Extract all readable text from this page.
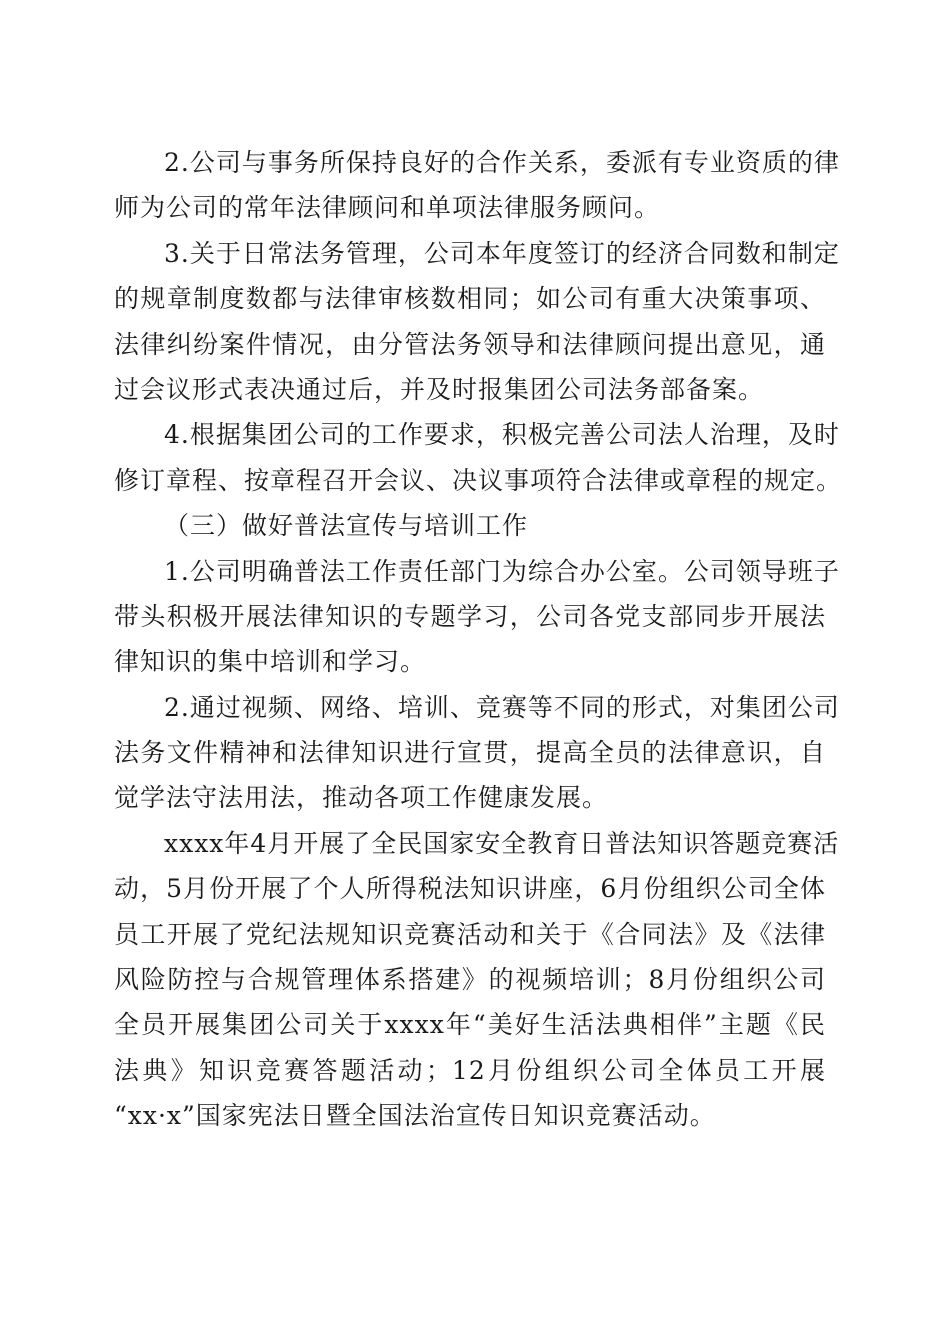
2.公司与事务所保持良好的合作关系，委派有专业资质的律
师为公司的常年法律顾问和单项法律服务顾问。
3.关于日常法务管理，公司本年度签订的经济合同数和制定
的规章制度数都与法律审核数相同；如公司有重大决策事项、
法律纠纷案件情况，由分管法务领导和法律顾问提出意见，通
过会议形式表决通过后，并及时报集团公司法务部备案。
4.根据集团公司的工作要求，积极完善公司法人治理，及时
修订章程、按章程召开会议、决议事项符合法律或章程的规定。
（三）做好普法宣传与培训工作
1.公司明确普法工作责任部门为综合办公室。公司领导班子
带头积极开展法律知识的专题学习，公司各党支部同步开展法
律知识的集中培训和学习。
2.通过视频、网络、培训、竞赛等不同的形式，对集团公司
法务文件精神和法律知识进行宣贯，提高全员的法律意识，自
觉学法守法用法，推动各项工作健康发展。
xxxx年4月开展了全民国家安全教育日普法知识答题竞赛活
动，5月份开展了个人所得税法知识讲座，6月份组织公司全体
员工开展了党纪法规知识竞赛活动和关于《合同法》及《法律
风险防控与合规管理体系搭建》的视频培训；8月份组织公司
全员开展集团公司关于xxxx年“美好生活法典相伴”主题《民
法典》知识竞赛答题活动；12月份组织公司全体员工开展
“xx·x”国家宪法日暨全国法治宣传日知识竞赛活动。
